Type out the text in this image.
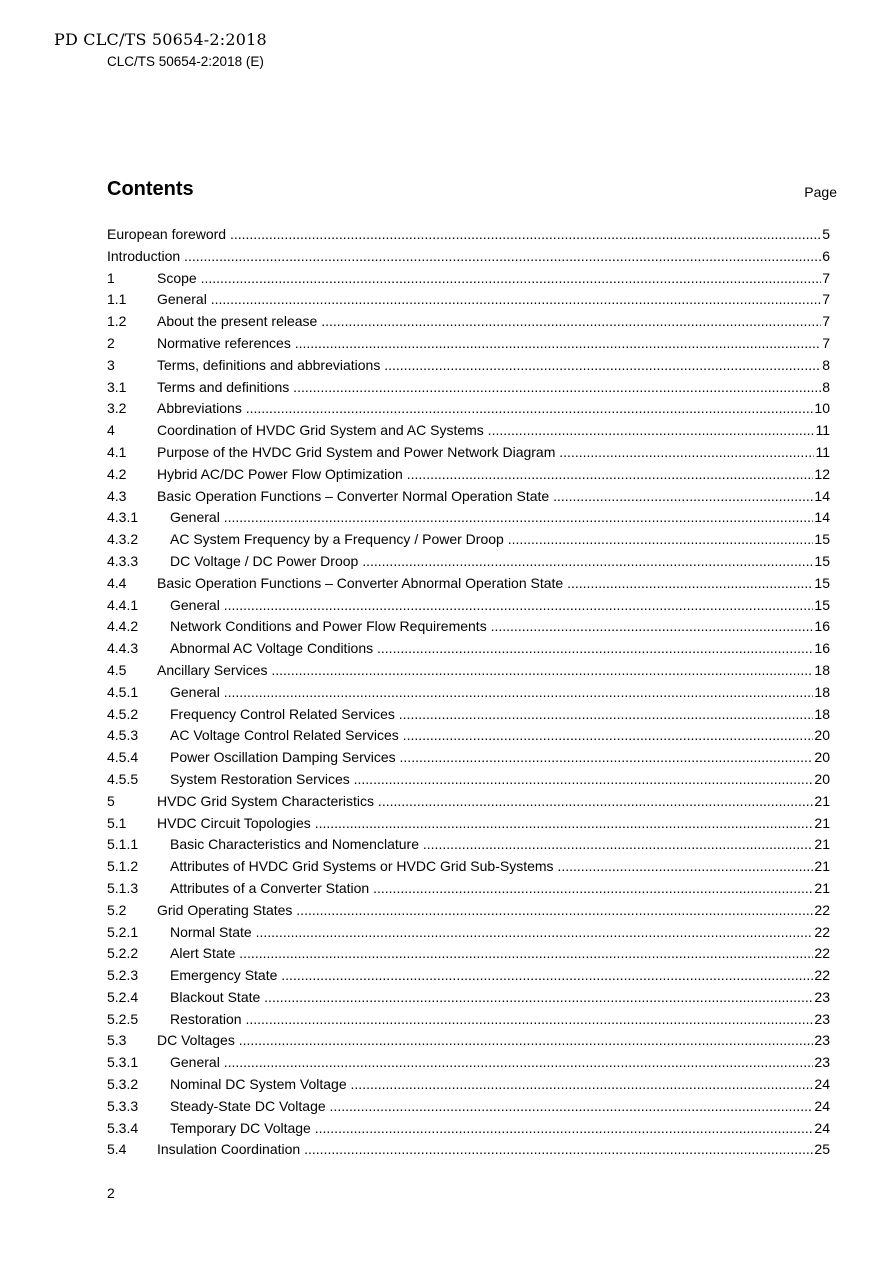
PD CLC/TS 50654-2:2018
CLC/TS 50654-2:2018 (E)
Contents	Page
European foreword .....	5
Introduction .....	6
1	Scope .....	7
1.1	General .....	7
1.2	About the present release .....	7
2	Normative references .....	7
3	Terms, definitions and abbreviations .....	8
3.1	Terms and definitions .....	8
3.2	Abbreviations .....	10
4	Coordination of HVDC Grid System and AC Systems .....	11
4.1	Purpose of the HVDC Grid System and Power Network Diagram .....	11
4.2	Hybrid AC/DC Power Flow Optimization .....	12
4.3	Basic Operation Functions – Converter Normal Operation State .....	14
4.3.1	General .....	14
4.3.2	AC System Frequency by a Frequency / Power Droop .....	15
4.3.3	DC Voltage / DC Power Droop .....	15
4.4	Basic Operation Functions – Converter Abnormal Operation State .....	15
4.4.1	General .....	15
4.4.2	Network Conditions and Power Flow Requirements .....	16
4.4.3	Abnormal AC Voltage Conditions .....	16
4.5	Ancillary Services .....	18
4.5.1	General .....	18
4.5.2	Frequency Control Related Services .....	18
4.5.3	AC Voltage Control Related Services .....	20
4.5.4	Power Oscillation Damping Services .....	20
4.5.5	System Restoration Services .....	20
5	HVDC Grid System Characteristics .....	21
5.1	HVDC Circuit Topologies .....	21
5.1.1	Basic Characteristics and Nomenclature .....	21
5.1.2	Attributes of HVDC Grid Systems or HVDC Grid Sub-Systems .....	21
5.1.3	Attributes of a Converter Station .....	21
5.2	Grid Operating States .....	22
5.2.1	Normal State .....	22
5.2.2	Alert State .....	22
5.2.3	Emergency State .....	22
5.2.4	Blackout State .....	23
5.2.5	Restoration .....	23
5.3	DC Voltages .....	23
5.3.1	General .....	23
5.3.2	Nominal DC System Voltage .....	24
5.3.3	Steady-State DC Voltage .....	24
5.3.4	Temporary DC Voltage .....	24
5.4	Insulation Coordination .....	25
2
